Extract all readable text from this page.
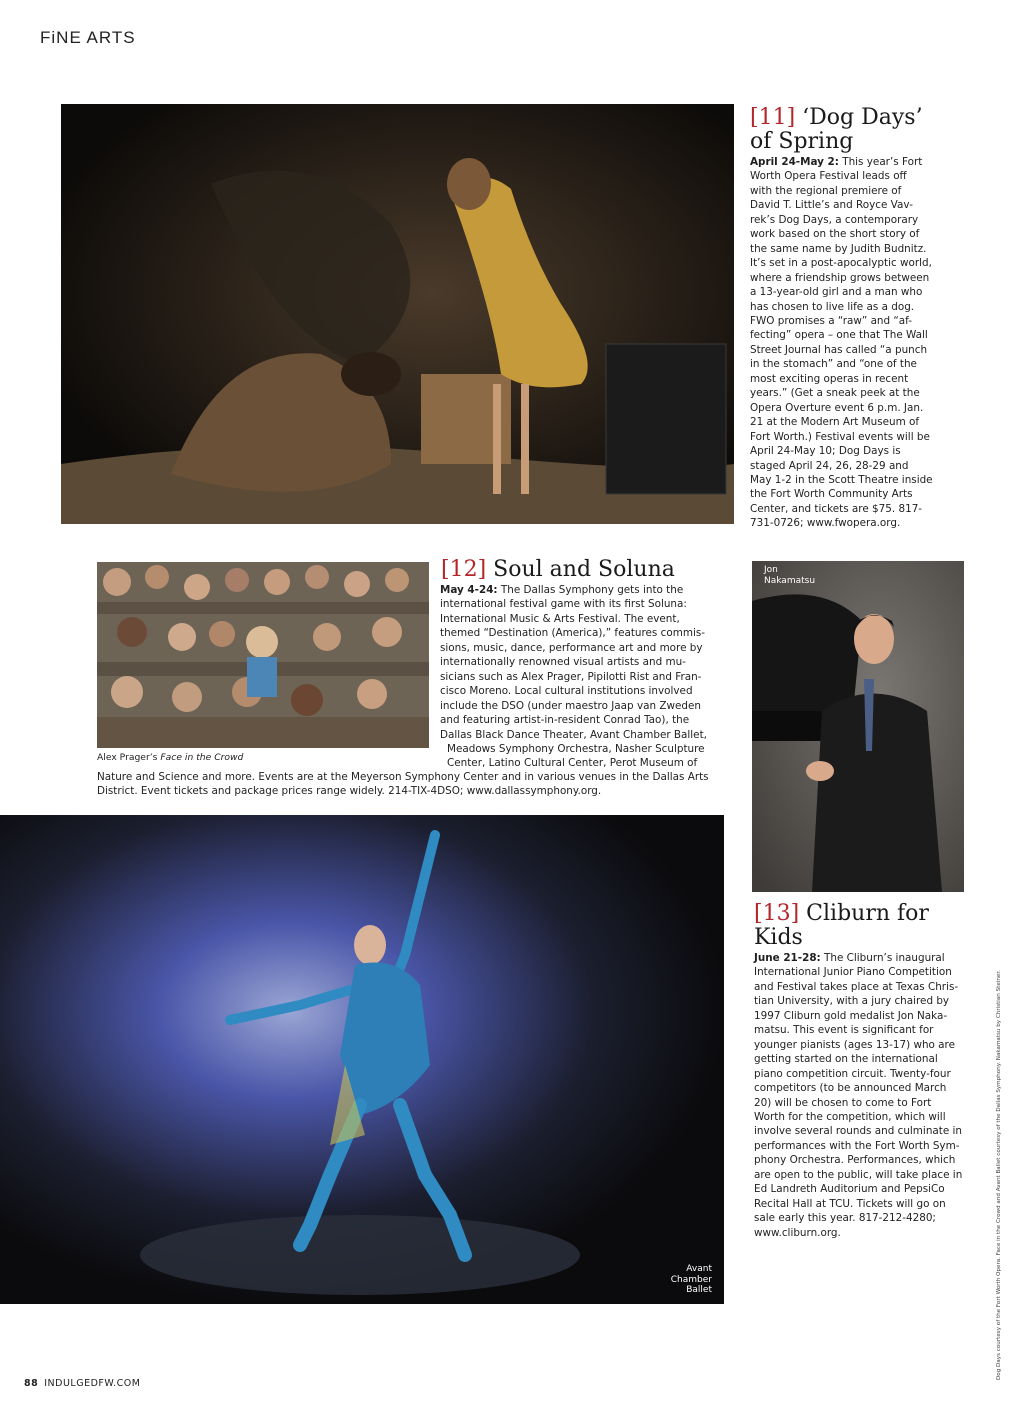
FiNE ARTS
[11] ‘Dog Days’
of Spring
April 24-May 2: This year’s Fort
Worth Opera Festival leads off
with the regional premiere of
David T. Little’s and Royce Vav-
rek’s Dog Days, a contemporary
work based on the short story of
the same name by Judith Budnitz.
It’s set in a post-apocalyptic world,
where a friendship grows between
a 13-year-old girl and a man who
has chosen to live life as a dog.
FWO promises a “raw” and “af-
fecting” opera – one that The Wall
Street Journal has called “a punch
in the stomach” and “one of the
most exciting operas in recent
years.” (Get a sneak peek at the
Opera Overture event 6 p.m. Jan.
21 at the Modern Art Museum of
Fort Worth.) Festival events will be
April 24-May 10; Dog Days is
staged April 24, 26, 28-29 and
May 1-2 in the Scott Theatre inside
the Fort Worth Community Arts
Center, and tickets are $75. 817-
731-0726; www.fwopera.org.
Alex Prager’s Face in the Crowd
[12] Soul and Soluna
May 4-24: The Dallas Symphony gets into the
international festival game with its first Soluna:
International Music & Arts Festival. The event,
themed “Destination (America),” features commis-
sions, music, dance, performance art and more by
internationally renowned visual artists and mu-
sicians such as Alex Prager, Pipilotti Rist and Fran-
cisco Moreno. Local cultural institutions involved
include the DSO (under maestro Jaap van Zweden
and featuring artist-in-resident Conrad Tao), the
Dallas Black Dance Theater, Avant Chamber Ballet,
Meadows Symphony Orchestra, Nasher Sculpture
Center, Latino Cultural Center, Perot Museum of
Nature and Science and more. Events are at the Meyerson Symphony Center and in various venues in the Dallas Arts
District. Event tickets and package prices range widely. 214-TIX-4DSO; www.dallassymphony.org.
Jon
Nakamatsu
Avant
Chamber
Ballet
[13] Cliburn for
Kids
June 21-28: The Cliburn’s inaugural
International Junior Piano Competition
and Festival takes place at Texas Chris-
tian University, with a jury chaired by
1997 Cliburn gold medalist Jon Naka-
matsu. This event is significant for
younger pianists (ages 13-17) who are
getting started on the international
piano competition circuit. Twenty-four
competitors (to be announced March
20) will be chosen to come to Fort
Worth for the competition, which will
involve several rounds and culminate in
performances with the Fort Worth Sym-
phony Orchestra. Performances, which
are open to the public, will take place in
Ed Landreth Auditorium and PepsiCo
Recital Hall at TCU. Tickets will go on
sale early this year. 817-212-4280;
www.cliburn.org.	Dog Days courtesy of the Fort Worth Opera. Face in the Crowd and Avant Ballet courtesy of the Dallas Symphony. Nakamatsu by Christian Steiner.
88 INDULGEDFW.COM
